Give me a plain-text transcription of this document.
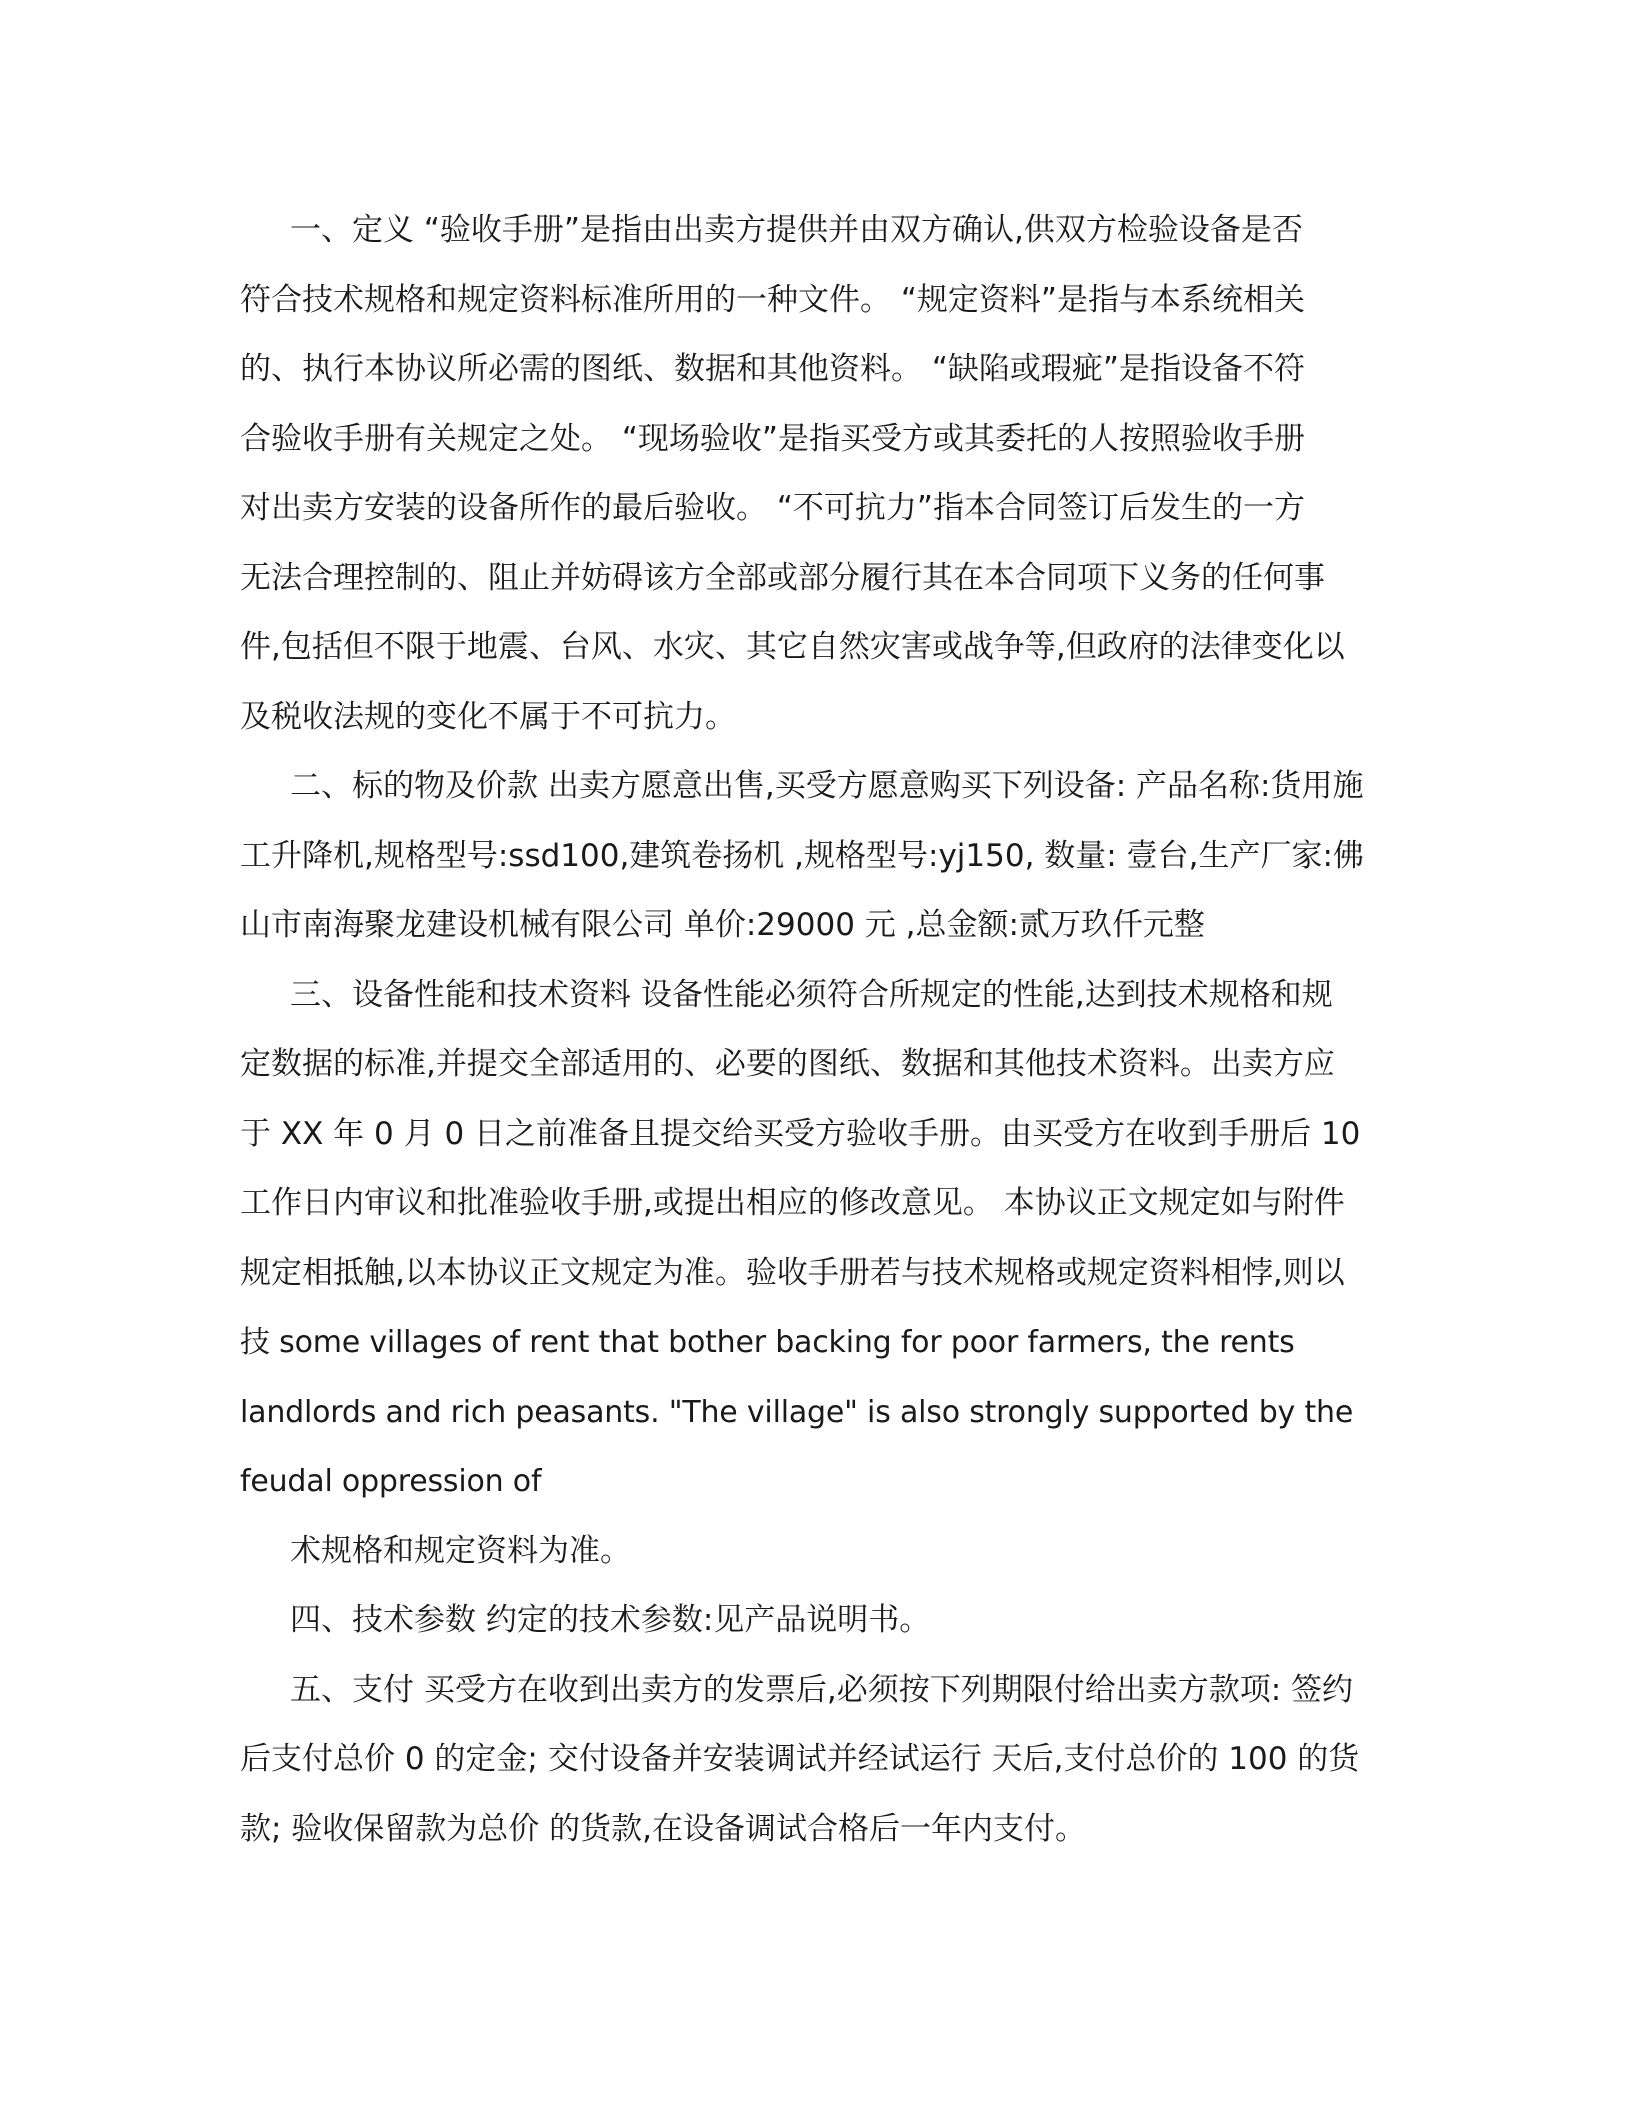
一、定义 “验收手册”是指由出卖方提供并由双方确认,供双方检验设备是否
符合技术规格和规定资料标准所用的一种文件。 “规定资料”是指与本系统相关
的、执行本协议所必需的图纸、数据和其他资料。 “缺陷或瑕疵”是指设备不符
合验收手册有关规定之处。 “现场验收”是指买受方或其委托的人按照验收手册
对出卖方安装的设备所作的最后验收。 “不可抗力”指本合同签订后发生的一方
无法合理控制的、阻止并妨碍该方全部或部分履行其在本合同项下义务的任何事
件,包括但不限于地震、台风、水灾、其它自然灾害或战争等,但政府的法律变化以
及税收法规的变化不属于不可抗力。
二、标的物及价款 出卖方愿意出售,买受方愿意购买下列设备: 产品名称:货用施
工升降机,规格型号:ssd100,建筑卷扬机 ,规格型号:yj150, 数量: 壹台,生产厂家:佛
山市南海聚龙建设机械有限公司 单价:29000 元 ,总金额:贰万玖仟元整
三、设备性能和技术资料 设备性能必须符合所规定的性能,达到技术规格和规
定数据的标准,并提交全部适用的、必要的图纸、数据和其他技术资料。出卖方应
于 XX 年 0 月 0 日之前准备且提交给买受方验收手册。由买受方在收到手册后 10
工作日内审议和批准验收手册,或提出相应的修改意见。 本协议正文规定如与附件
规定相抵触,以本协议正文规定为准。验收手册若与技术规格或规定资料相悖,则以
技 some villages of rent that bother backing for poor farmers, the rents
landlords and rich peasants. "The village" is also strongly supported by the
feudal oppression of
术规格和规定资料为准。
四、技术参数 约定的技术参数:见产品说明书。
五、支付 买受方在收到出卖方的发票后,必须按下列期限付给出卖方款项: 签约
后支付总价 0 的定金; 交付设备并安装调试并经试运行 天后,支付总价的 100 的货
款; 验收保留款为总价 的货款,在设备调试合格后一年内支付。
